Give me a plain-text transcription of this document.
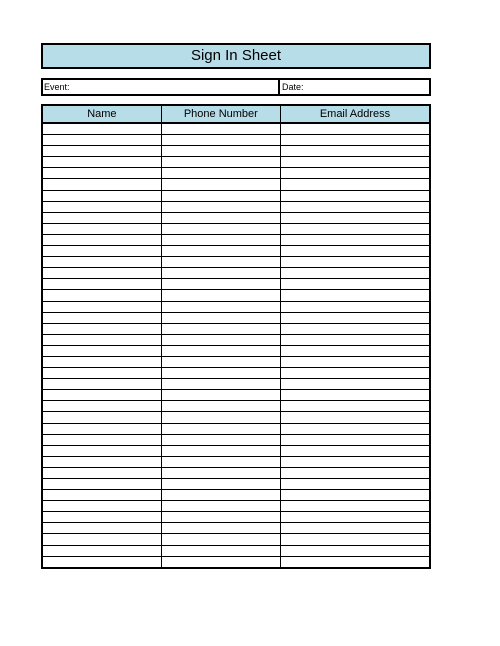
Sign In Sheet
Event:	Date:
Name	Phone Number	Email Address
